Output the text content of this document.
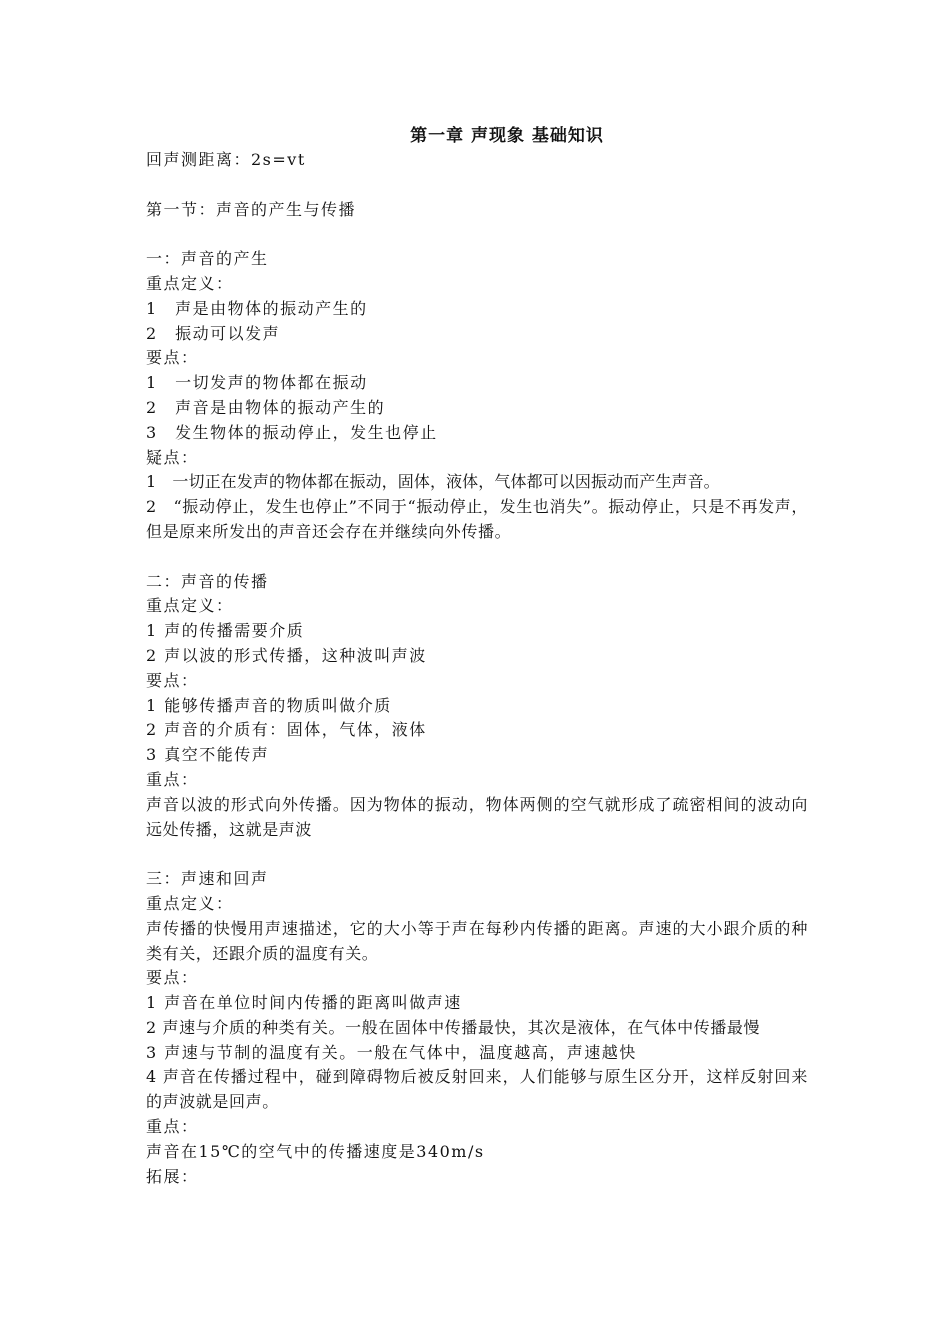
第一章 声现象 基础知识
回声测距离：2s=vt
第一节：声音的产生与传播
一：声音的产生
重点定义：
1　声是由物体的振动产生的
2　振动可以发声
要点：
1　一切发声的物体都在振动
2　声音是由物体的振动产生的
3　发生物体的振动停止，发生也停止
疑点：
1　一切正在发声的物体都在振动，固体，液体，气体都可以因振动而产生声音。
2　“振动停止，发生也停止”不同于“振动停止，发生也消失”。振动停止，只是不再发声，但是原来所发出的声音还会存在并继续向外传播。
二：声音的传播
重点定义：
1 声的传播需要介质
2 声以波的形式传播，这种波叫声波
要点：
1 能够传播声音的物质叫做介质
2 声音的介质有：固体，气体，液体
3 真空不能传声
重点：
声音以波的形式向外传播。因为物体的振动，物体两侧的空气就形成了疏密相间的波动向远处传播，这就是声波
三：声速和回声
重点定义：
声传播的快慢用声速描述，它的大小等于声在每秒内传播的距离。声速的大小跟介质的种类有关，还跟介质的温度有关。
要点：
1 声音在单位时间内传播的距离叫做声速
2 声速与介质的种类有关。一般在固体中传播最快，其次是液体，在气体中传播最慢
3 声速与节制的温度有关。一般在气体中，温度越高，声速越快
4 声音在传播过程中，碰到障碍物后被反射回来，人们能够与原生区分开，这样反射回来的声波就是回声。
重点：
声音在15℃的空气中的传播速度是340m/s
拓展：
